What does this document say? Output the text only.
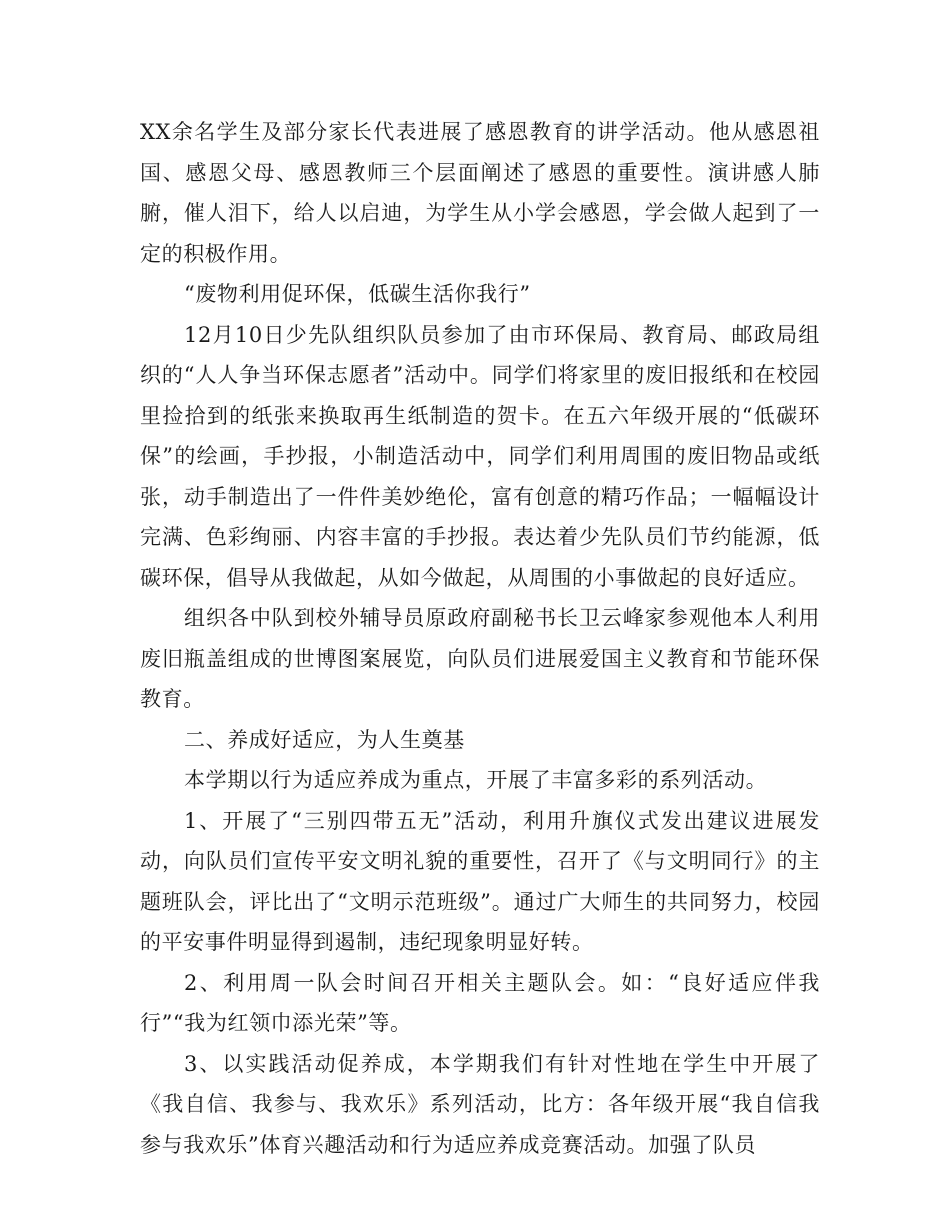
XX余名学生及部分家长代表进展了感恩教育的讲学活动。他从感恩祖国、感恩父母、感恩教师三个层面阐述了感恩的重要性。演讲感人肺腑，催人泪下，给人以启迪，为学生从小学会感恩，学会做人起到了一定的积极作用。

“废物利用促环保，低碳生活你我行”

12月10日少先队组织队员参加了由市环保局、教育局、邮政局组织的“人人争当环保志愿者”活动中。同学们将家里的废旧报纸和在校园里捡拾到的纸张来换取再生纸制造的贺卡。在五六年级开展的“低碳环保”的绘画，手抄报，小制造活动中，同学们利用周围的废旧物品或纸张，动手制造出了一件件美妙绝伦，富有创意的精巧作品；一幅幅设计完满、色彩绚丽、内容丰富的手抄报。表达着少先队员们节约能源，低碳环保，倡导从我做起，从如今做起，从周围的小事做起的良好适应。

组织各中队到校外辅导员原政府副秘书长卫云峰家参观他本人利用废旧瓶盖组成的世博图案展览，向队员们进展爱国主义教育和节能环保教育。

二、养成好适应，为人生奠基

本学期以行为适应养成为重点，开展了丰富多彩的系列活动。

1、开展了“三别四带五无”活动，利用升旗仪式发出建议进展发动，向队员们宣传平安文明礼貌的重要性，召开了《与文明同行》的主题班队会，评比出了“文明示范班级”。通过广大师生的共同努力，校园的平安事件明显得到遏制，违纪现象明显好转。

2、利用周一队会时间召开相关主题队会。如：“良好适应伴我行”“我为红领巾添光荣”等。

3、以实践活动促养成，本学期我们有针对性地在学生中开展了《我自信、我参与、我欢乐》系列活动，比方：各年级开展“我自信我参与我欢乐”体育兴趣活动和行为适应养成竞赛活动。加强了队员
